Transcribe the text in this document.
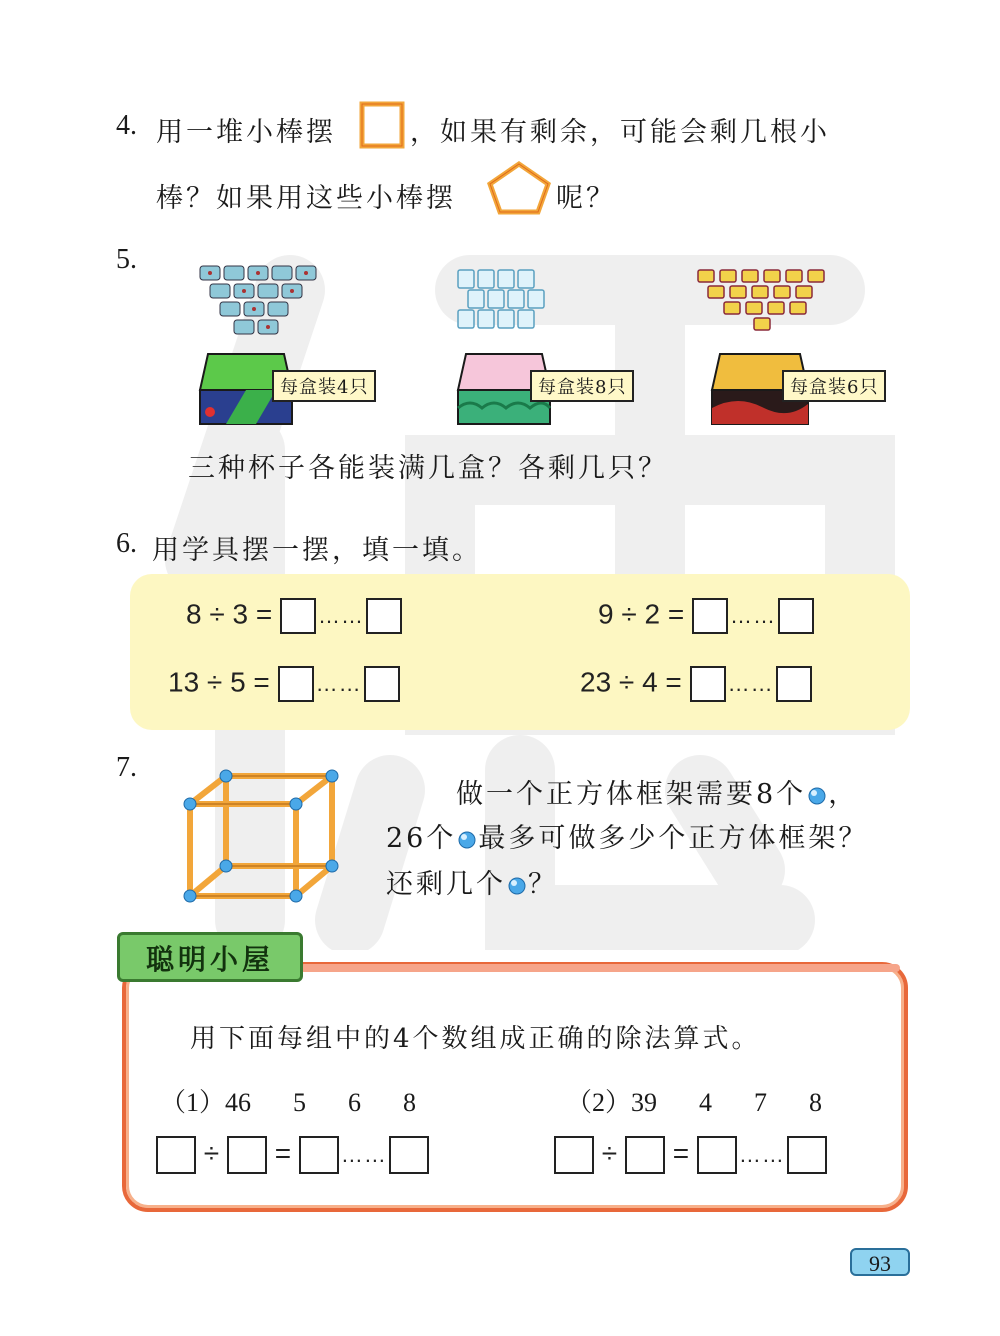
4. 用一堆小棒摆	，如果有剩余，可能会剩几根小
棒？如果用这些小棒摆	呢？
5.
每盒装4只	每盒装8只	每盒装6只
三种杯子各能装满几盒？各剩几只？
6. 用学具摆一摆，填一填。
8 ÷ 3 = ……	9 ÷ 2 = ……
13 ÷ 5 = ……	23 ÷ 4 = ……
7.
做一个正方体框架需要8个 ，
26个 最多可做多少个正方体框架？
还剩几个 ？
聪明小屋
用下面每组中的4个数组成正确的除法算式。
（1）46 5 6 8	（2）39 4 7 8
÷ = ……	÷ = ……
93
